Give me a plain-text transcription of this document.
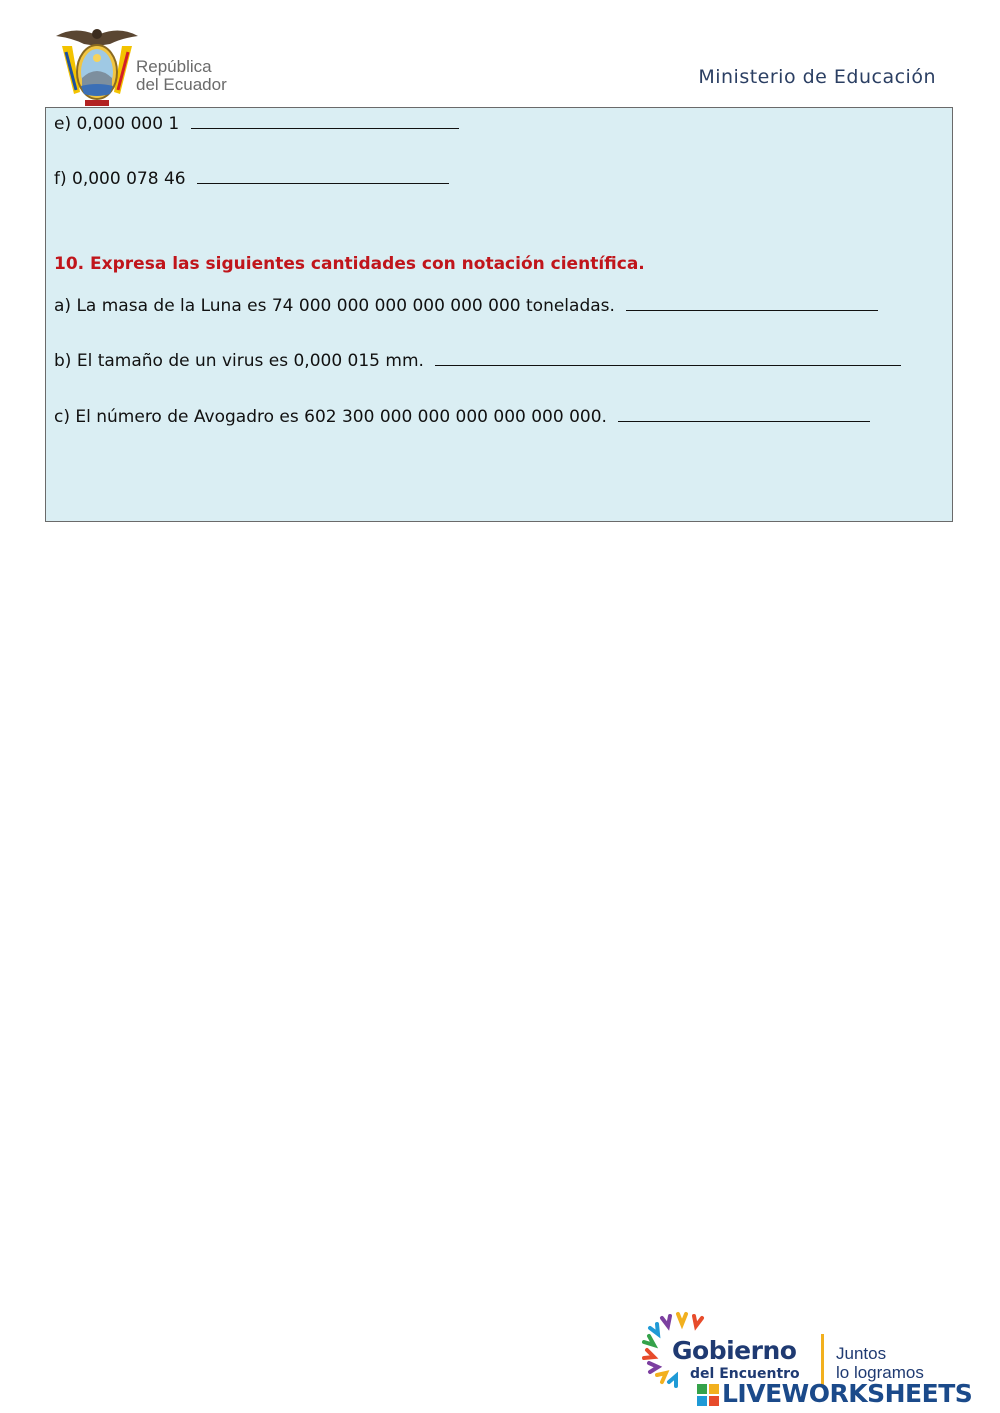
República
del Ecuador	Ministerio de Educación
e) 0,000 000 1
f) 0,000 078 46
10. Expresa las siguientes cantidades con notación científica.
a) La masa de la Luna es 74 000 000 000 000 000 000 toneladas.
b) El tamaño de un virus es 0,000 015 mm.
c) El número de Avogadro es 602 300 000 000 000 000 000 000.
Gobierno
del Encuentro
Juntos
lo logramos
LIVEWORKSHEETS
